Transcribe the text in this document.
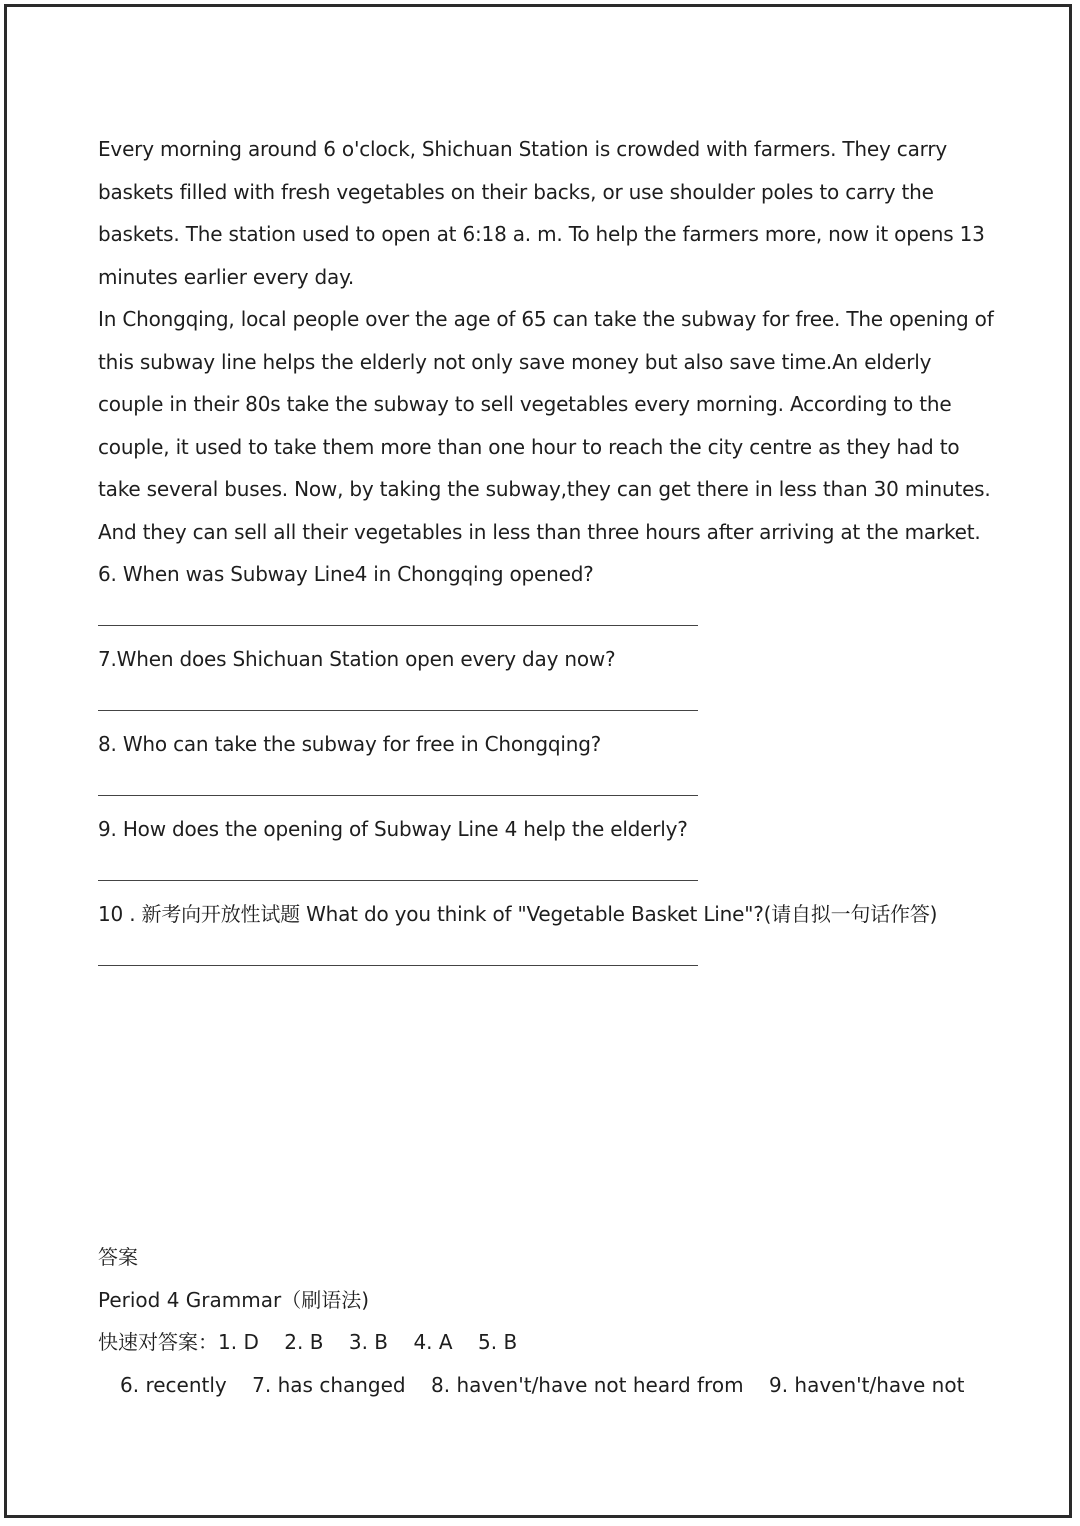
Every morning around 6 o'clock, Shichuan Station is crowded with farmers. They carry baskets filled with fresh vegetables on their backs, or use shoulder poles to carry the baskets. The station used to open at 6:18 a. m. To help the farmers more, now it opens 13 minutes earlier every day.

In Chongqing, local people over the age of 65 can take the subway for free. The opening of this subway line helps the elderly not only save money but also save time.An elderly couple in their 80s take the subway to sell vegetables every morning. According to the couple, it used to take them more than one hour to reach the city centre as they had to take several buses. Now, by taking the subway,they can get there in less than 30 minutes. And they can sell all their vegetables in less than three hours after arriving at the market.

6. When was Subway Line4 in Chongqing opened?

7.When does Shichuan Station open every day now?

8. Who can take the subway for free in Chongqing?

9. How does the opening of Subway Line 4 help the elderly?

10 . 新考向开放性试题 What do you think of "Vegetable Basket Line"?(请自拟一句话作答)

答案
Period 4 Grammar（刷语法)
快速对答案：1. D    2. B    3. B    4. A    5. B
6. recently    7. has changed    8. haven't/have not heard from    9. haven't/have not
